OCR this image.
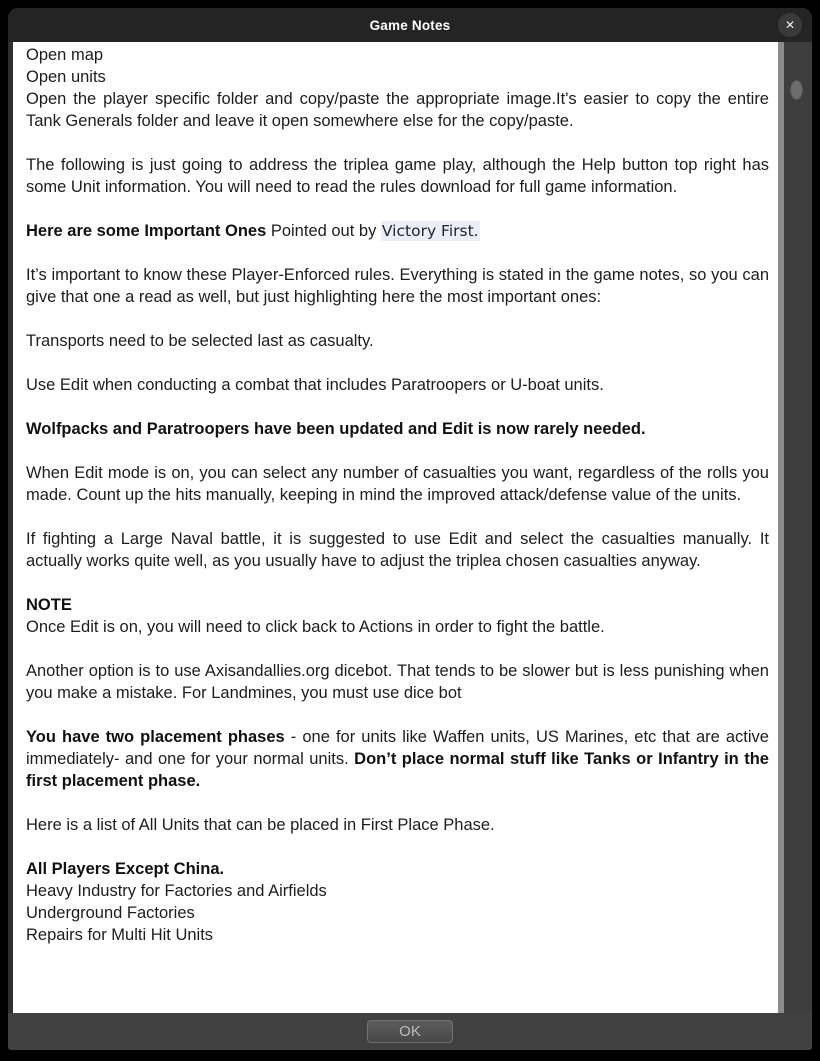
Game Notes	✕
Open map
Open units
Open the player specific folder and copy/paste the appropriate image.It's easier to copy the entire Tank Generals folder and leave it open somewhere else for the copy/paste.
The following is just going to address the triplea game play, although the Help button top right has some Unit information. You will need to read the rules download for full game information.
Here are some Important Ones Pointed out by Victory First.
It’s important to know these Player-Enforced rules. Everything is stated in the game notes, so you can give that one a read as well, but just highlighting here the most important ones:
Transports need to be selected last as casualty.
Use Edit when conducting a combat that includes Paratroopers or U-boat units.
Wolfpacks and Paratroopers have been updated and Edit is now rarely needed.
When Edit mode is on, you can select any number of casualties you want, regardless of the rolls you made. Count up the hits manually, keeping in mind the improved attack/defense value of the units.
If fighting a Large Naval battle, it is suggested to use Edit and select the casualties manually. It actually works quite well, as you usually have to adjust the triplea chosen casualties anyway.
NOTE
Once Edit is on, you will need to click back to Actions in order to fight the battle.
Another option is to use Axisandallies.org dicebot. That tends to be slower but is less punishing when you make a mistake. For Landmines, you must use dice bot
You have two placement phases - one for units like Waffen units, US Marines, etc that are active immediately- and one for your normal units. Don’t place normal stuff like Tanks or Infantry in the first placement phase.
Here is a list of All Units that can be placed in First Place Phase.
All Players Except China.
Heavy Industry for Factories and Airfields
Underground Factories
Repairs for Multi Hit Units
OK
